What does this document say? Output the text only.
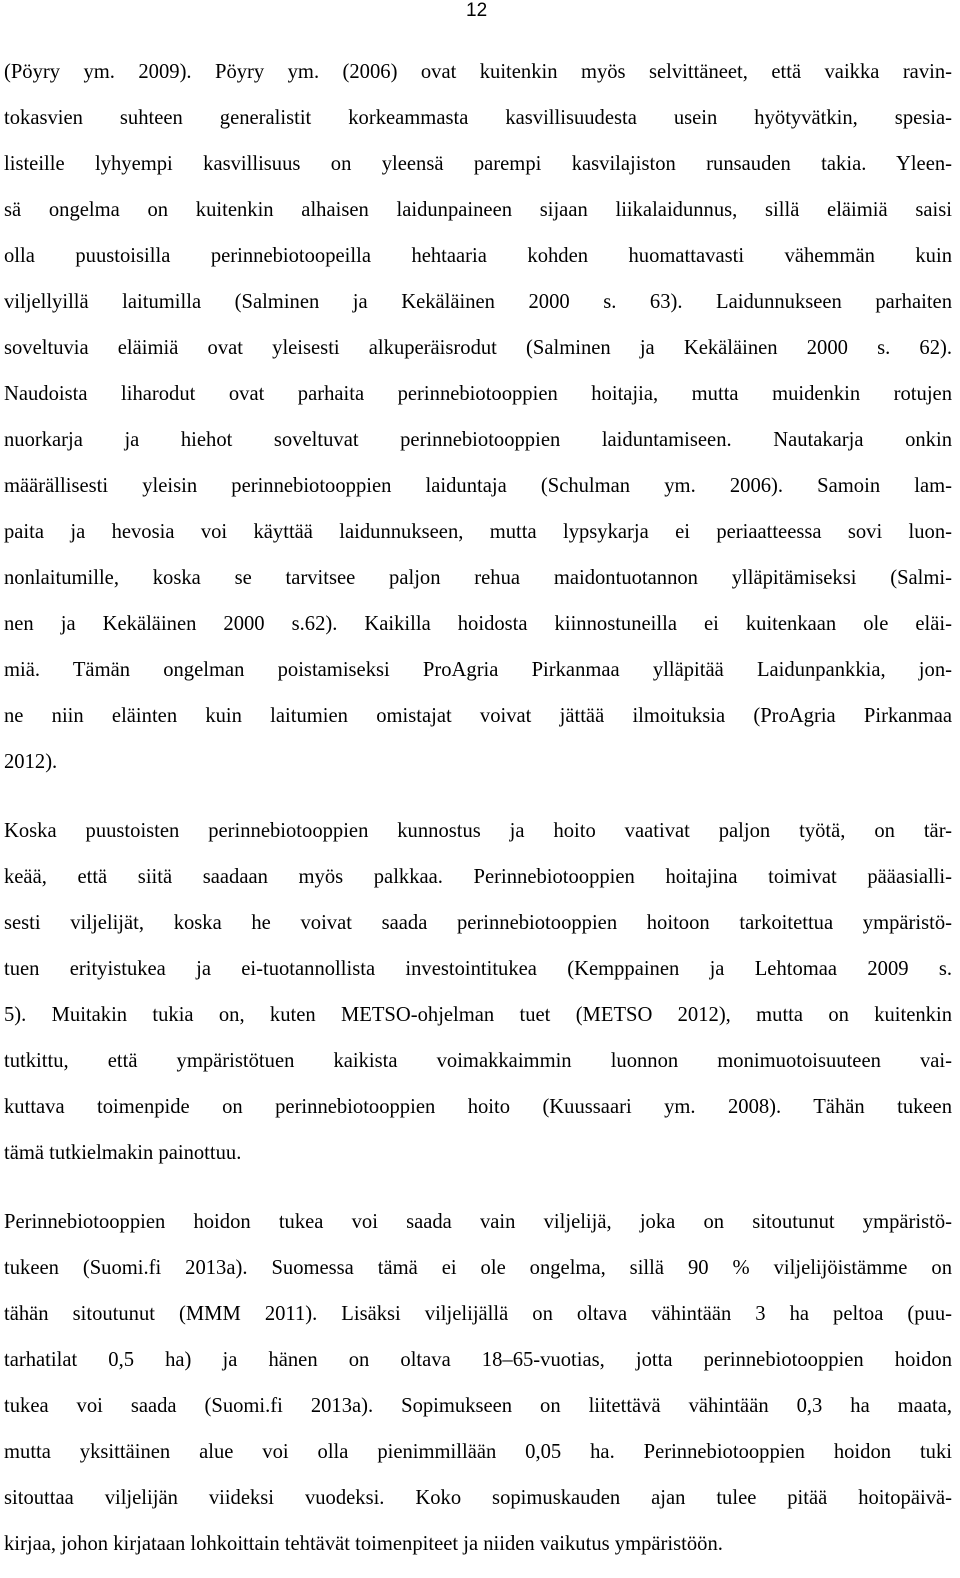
12
(Pöyry ym. 2009). Pöyry ym. (2006) ovat kuitenkin myös selvittäneet, että vaikka ravin-
tokasvien suhteen generalistit korkeammasta kasvillisuudesta usein hyötyvätkin, spesia-
listeille lyhyempi kasvillisuus on yleensä parempi kasvilajiston runsauden takia. Yleen-
sä ongelma on kuitenkin alhaisen laidunpaineen sijaan liikalaidunnus, sillä eläimiä saisi
olla puustoisilla perinnebiotoopeilla hehtaaria kohden huomattavasti vähemmän kuin
viljellyillä laitumilla (Salminen ja Kekäläinen 2000 s. 63). Laidunnukseen parhaiten
soveltuvia eläimiä ovat yleisesti alkuperäisrodut (Salminen ja Kekäläinen 2000 s. 62).
Naudoista liharodut ovat parhaita perinnebiotooppien hoitajia, mutta muidenkin rotujen
nuorkarja ja hiehot soveltuvat perinnebiotooppien laiduntamiseen. Nautakarja onkin
määrällisesti yleisin perinnebiotooppien laiduntaja (Schulman ym. 2006). Samoin lam-
paita ja hevosia voi käyttää laidunnukseen, mutta lypsykarja ei periaatteessa sovi luon-
nonlaitumille, koska se tarvitsee paljon rehua maidontuotannon ylläpitämiseksi (Salmi-
nen ja Kekäläinen 2000 s.62). Kaikilla hoidosta kiinnostuneilla ei kuitenkaan ole eläi-
miä. Tämän ongelman poistamiseksi ProAgria Pirkanmaa ylläpitää Laidunpankkia, jon-
ne niin eläinten kuin laitumien omistajat voivat jättää ilmoituksia (ProAgria Pirkanmaa
2012).
Koska puustoisten perinnebiotooppien kunnostus ja hoito vaativat paljon työtä, on tär-
keää, että siitä saadaan myös palkkaa. Perinnebiotooppien hoitajina toimivat pääasialli-
sesti viljelijät, koska he voivat saada perinnebiotooppien hoitoon tarkoitettua ympäristö-
tuen erityistukea ja ei-tuotannollista investointitukea (Kemppainen ja Lehtomaa 2009 s.
5). Muitakin tukia on, kuten METSO-ohjelman tuet (METSO 2012), mutta on kuitenkin
tutkittu, että ympäristötuen kaikista voimakkaimmin luonnon monimuotoisuuteen vai-
kuttava toimenpide on perinnebiotooppien hoito (Kuussaari ym. 2008). Tähän tukeen
tämä tutkielmakin painottuu.
Perinnebiotooppien hoidon tukea voi saada vain viljelijä, joka on sitoutunut ympäristö-
tukeen (Suomi.fi 2013a). Suomessa tämä ei ole ongelma, sillä 90 % viljelijöistämme on
tähän sitoutunut (MMM 2011). Lisäksi viljelijällä on oltava vähintään 3 ha peltoa (puu-
tarhatilat 0,5 ha) ja hänen on oltava 18–65-vuotias, jotta perinnebiotooppien hoidon
tukea voi saada (Suomi.fi 2013a). Sopimukseen on liitettävä vähintään 0,3 ha maata,
mutta yksittäinen alue voi olla pienimmillään 0,05 ha. Perinnebiotooppien hoidon tuki
sitouttaa viljelijän viideksi vuodeksi. Koko sopimuskauden ajan tulee pitää hoitopäivä-
kirjaa, johon kirjataan lohkoittain tehtävät toimenpiteet ja niiden vaikutus ympäristöön.
